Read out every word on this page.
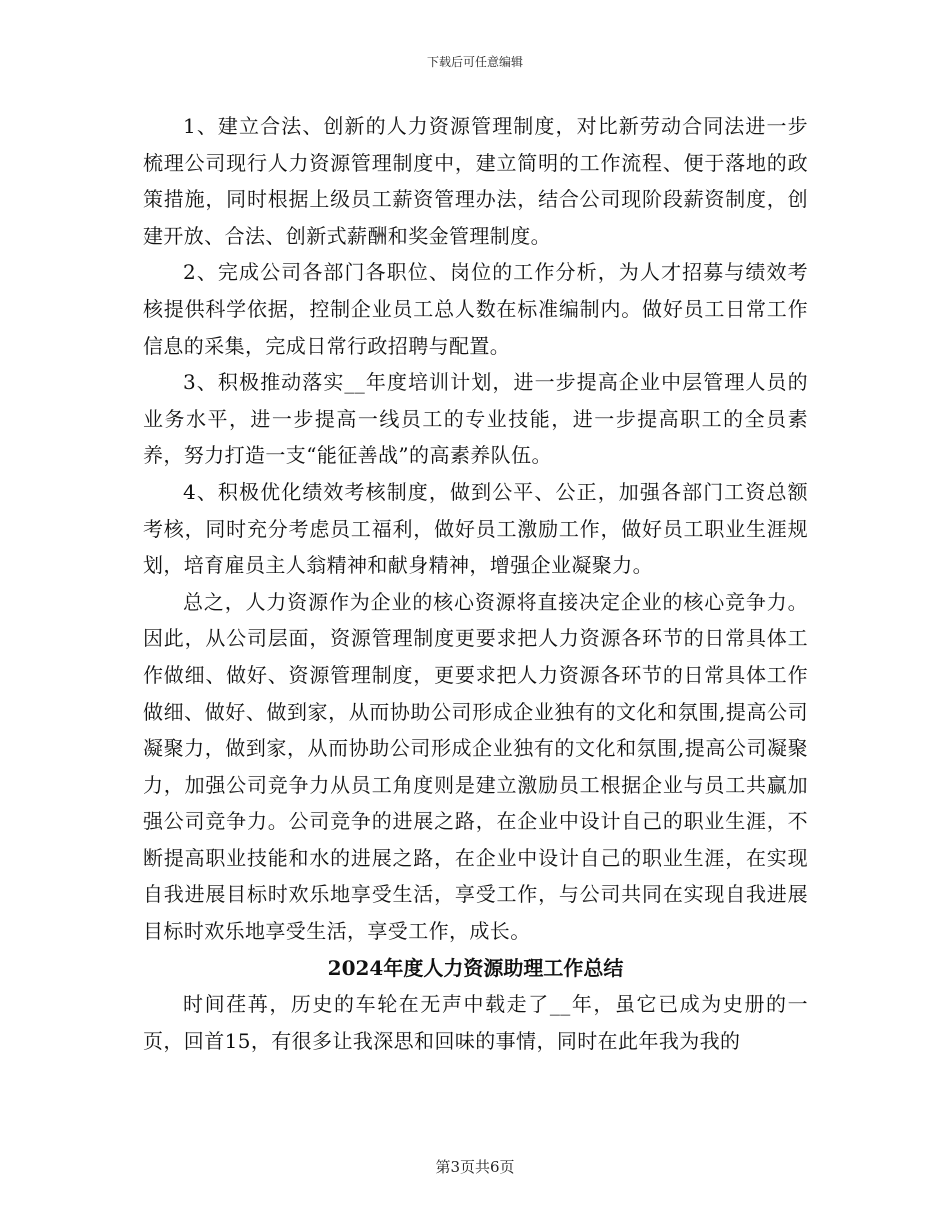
下载后可任意编辑

1、建立合法、创新的人力资源管理制度，对比新劳动合同法进一步梳理公司现行人力资源管理制度中，建立简明的工作流程、便于落地的政策措施，同时根据上级员工薪资管理办法，结合公司现阶段薪资制度，创建开放、合法、创新式薪酬和奖金管理制度。

2、完成公司各部门各职位、岗位的工作分析，为人才招募与绩效考核提供科学依据，控制企业员工总人数在标准编制内。做好员工日常工作信息的采集，完成日常行政招聘与配置。

3、积极推动落实__年度培训计划，进一步提高企业中层管理人员的业务水平，进一步提高一线员工的专业技能，进一步提高职工的全员素养，努力打造一支“能征善战”的高素养队伍。

4、积极优化绩效考核制度，做到公平、公正，加强各部门工资总额考核，同时充分考虑员工福利，做好员工激励工作，做好员工职业生涯规划，培育雇员主人翁精神和献身精神，增强企业凝聚力。

总之，人力资源作为企业的核心资源将直接决定企业的核心竞争力。因此，从公司层面，资源管理制度更要求把人力资源各环节的日常具体工作做细、做好、资源管理制度，更要求把人力资源各环节的日常具体工作做细、做好、做到家，从而协助公司形成企业独有的文化和氛围,提高公司凝聚力，做到家，从而协助公司形成企业独有的文化和氛围,提高公司凝聚力，加强公司竞争力从员工角度则是建立激励员工根据企业与员工共赢加强公司竞争力。公司竞争的进展之路，在企业中设计自己的职业生涯，不断提高职业技能和水的进展之路，在企业中设计自己的职业生涯，在实现自我进展目标时欢乐地享受生活，享受工作，与公司共同在实现自我进展目标时欢乐地享受生活，享受工作，成长。

2024年度人力资源助理工作总结

时间荏苒，历史的车轮在无声中载走了__年，虽它已成为史册的一页，回首15，有很多让我深思和回味的事情，同时在此年我为我的

第3页共6页
